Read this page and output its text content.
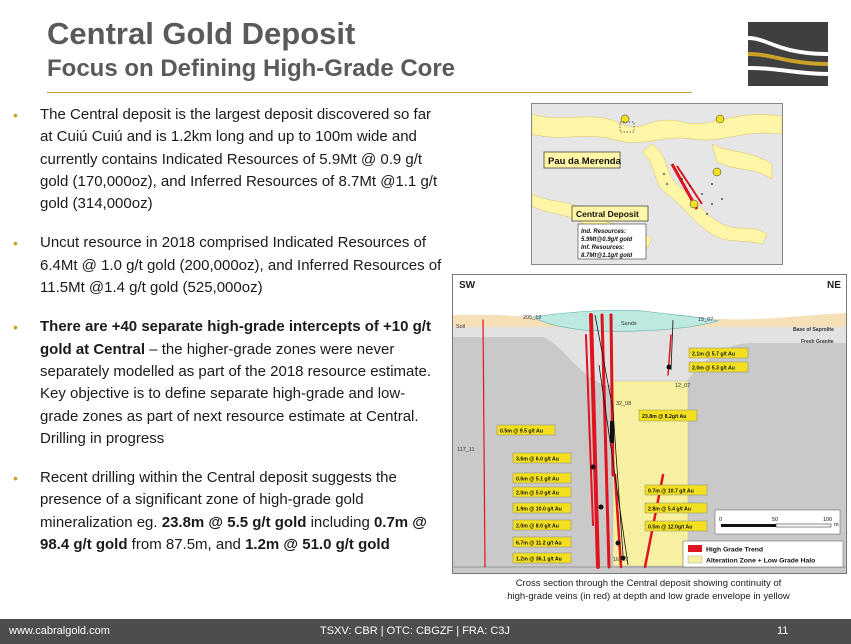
Central Gold Deposit
Focus on Defining High-Grade Core
• The Central deposit is the largest deposit discovered so far at Cuiú Cuiú and is 1.2km long and up to 100m wide and currently contains Indicated Resources of 5.9Mt @ 0.9 g/t gold (170,000oz), and Inferred Resources of 8.7Mt @1.1 g/t gold (314,000oz)
• Uncut resource in 2018 comprised Indicated Resources of 6.4Mt @ 1.0 g/t gold (200,000oz), and Inferred Resources of 11.5Mt @1.4 g/t gold (525,000oz)
• There are +40 separate high-grade intercepts of +10 g/t gold at Central – the higher-grade zones were never separately modelled as part of the 2018 resource estimate. Key objective is to define separate high-grade and low-grade zones as part of next resource estimate at Central. Drilling in progress
• Recent drilling within the Central deposit suggests the presence of a significant zone of high-grade gold mineralization eg. 23.8m @ 5.5 g/t gold including 0.7m @ 98.4 g/t gold from 87.5m, and 1.2m @ 51.0 g/t gold
Pau da Merenda
Central Deposit
Ind. Resources:
5.9Mt@0.9g/t gold
Inf. Resources:
8.7Mt@1.1g/t gold
SW	NE
Soil	Sands
Base of Saprolite
Fresh Granite
205_19	15_07
12_07
32_08
117_11
16_07
2.1m @ 5.7 g/t Au
2.0m @ 5.3 g/t Au
23.8m @ 8.2g/t Au
0.5m @ 9.5 g/t Au
3.6m @ 6.0 g/t Au
0.6m @ 5.1 g/t Au
2.0m @ 5.0 g/t Au
1.9m @ 10.0 g/t Au
2.0m @ 8.0 g/t Au
6.7m @ 11.2 g/t Au
1.2m @ 36.1 g/t Au
0.7m @ 10.7 g/t Au
2.8m @ 5.4 g/t Au
0.5m @ 12.0g/t Au
0	50	100
m
High Grade Trend
Alteration Zone + Low Grade Halo
Cross section through the Central deposit showing continuity of
high-grade veins (in red) at depth and low grade envelope in yellow
www.cabralgold.com	TSXV: CBR | OTC: CBGZF | FRA: C3J	11
